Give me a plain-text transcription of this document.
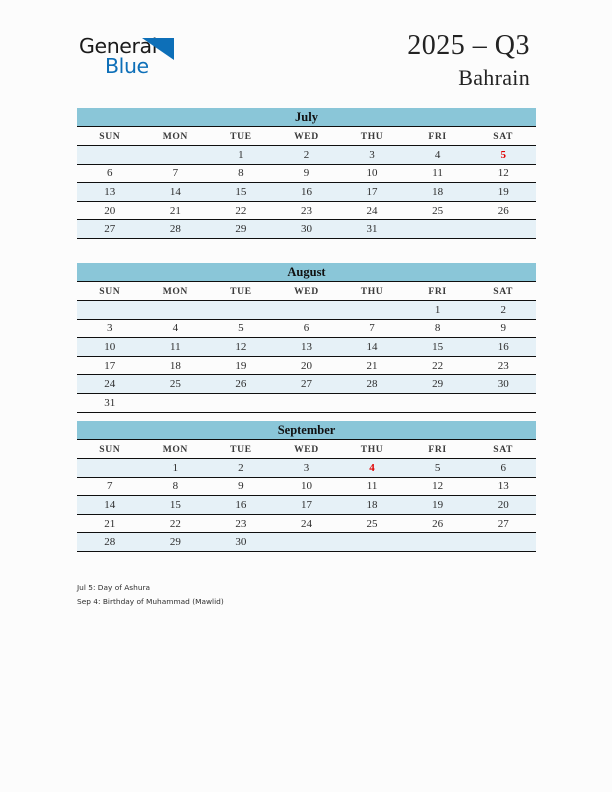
General
Blue
2025 – Q3
Bahrain
July
SUN	MON	TUE	WED	THU	FRI	SAT
		1	2	3	4	5
6	7	8	9	10	11	12
13	14	15	16	17	18	19
20	21	22	23	24	25	26
27	28	29	30	31		
August
SUN	MON	TUE	WED	THU	FRI	SAT
					1	2
3	4	5	6	7	8	9
10	11	12	13	14	15	16
17	18	19	20	21	22	23
24	25	26	27	28	29	30
31						
September
SUN	MON	TUE	WED	THU	FRI	SAT
	1	2	3	4	5	6
7	8	9	10	11	12	13
14	15	16	17	18	19	20
21	22	23	24	25	26	27
28	29	30				
Jul 5: Day of Ashura
Sep 4: Birthday of Muhammad (Mawlid)
